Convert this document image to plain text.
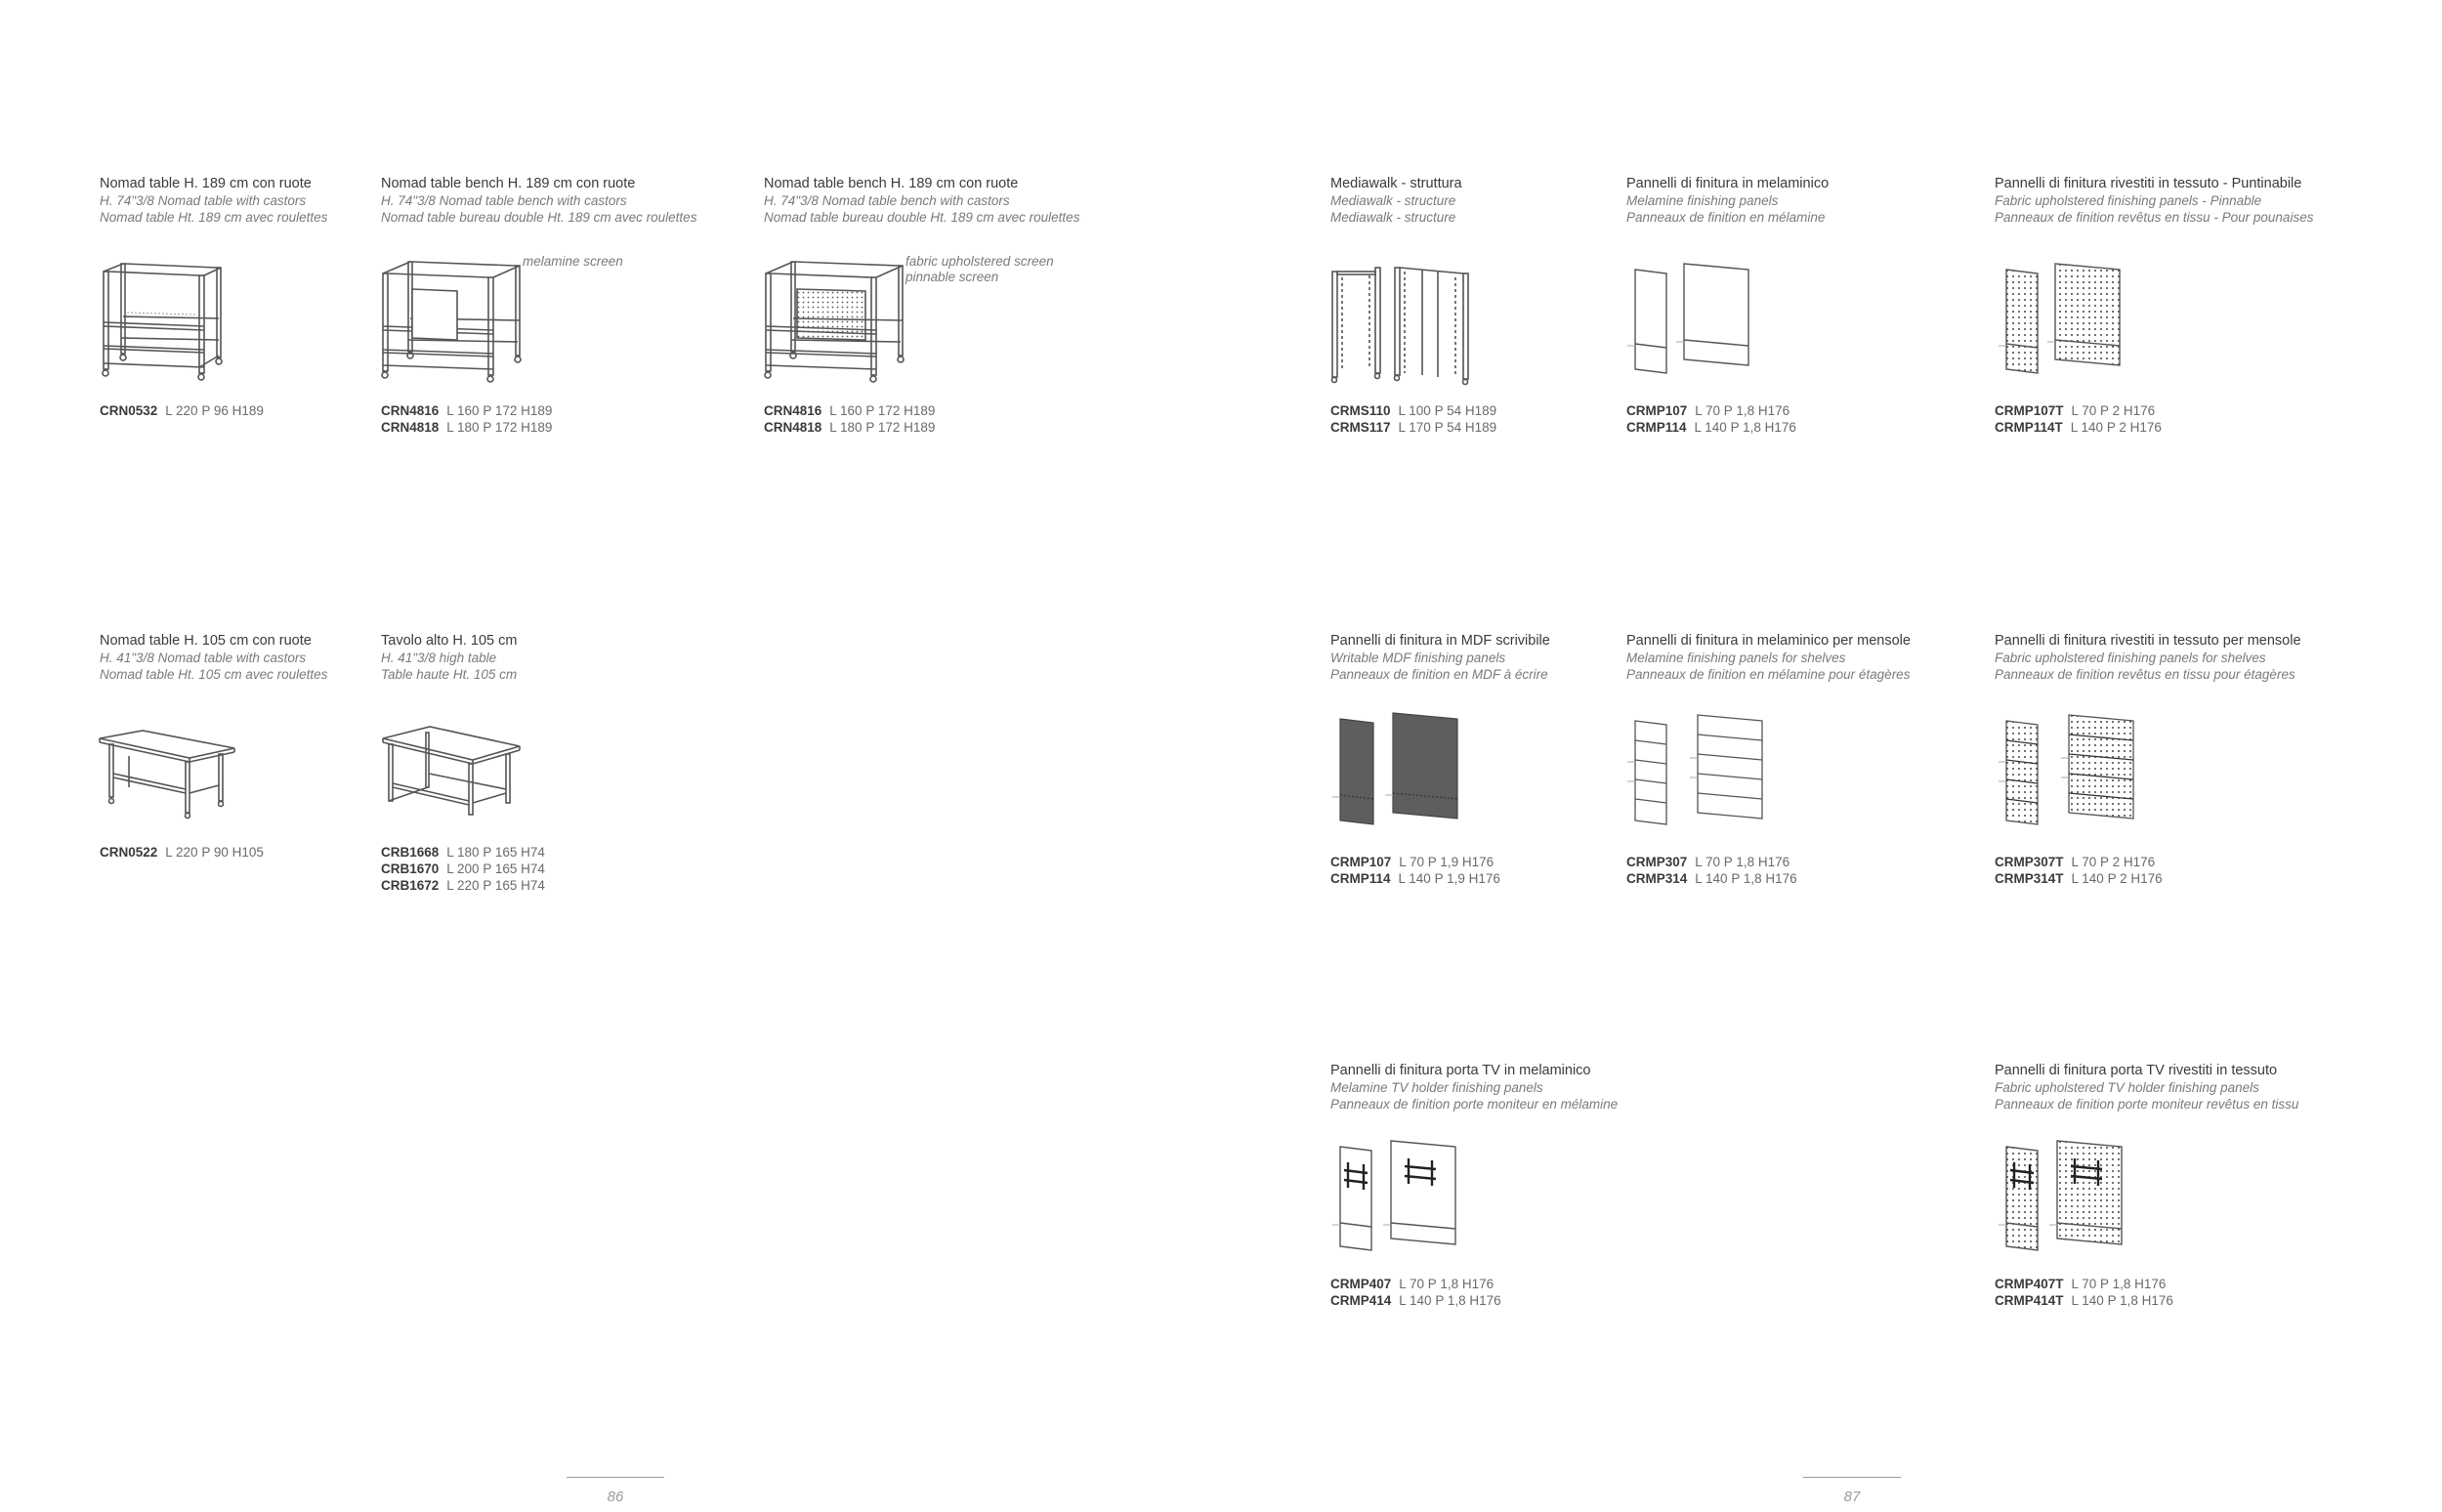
Nomad table H. 189 cm con ruote
H. 74"3/8 Nomad table with castors
Nomad table Ht. 189 cm avec roulettes
CRN0532 L 220 P 96 H189
Nomad table bench H. 189 cm con ruote
H. 74"3/8 Nomad table bench with castors
Nomad table bureau double Ht. 189 cm avec roulettes
melamine screen
CRN4816 L 160 P 172 H189
CRN4818 L 180 P 172 H189
Nomad table bench H. 189 cm con ruote
H. 74"3/8 Nomad table bench with castors
Nomad table bureau double Ht. 189 cm avec roulettes
fabric upholstered screen
pinnable screen
CRN4816 L 160 P 172 H189
CRN4818 L 180 P 172 H189
Nomad table H. 105 cm con ruote
H. 41"3/8 Nomad table with castors
Nomad table Ht. 105 cm avec roulettes
CRN0522 L 220 P 90 H105
Tavolo alto H. 105 cm
H. 41"3/8 high table
Table haute Ht. 105 cm
CRB1668 L 180 P 165 H74
CRB1670 L 200 P 165 H74
CRB1672 L 220 P 165 H74
86
Mediawalk - struttura
Mediawalk - structure
Mediawalk - structure
CRMS110 L 100 P 54 H189
CRMS117 L 170 P 54 H189
Pannelli di finitura in melaminico
Melamine finishing panels
Panneaux de finition en mélamine
CRMP107 L 70 P 1,8 H176
CRMP114 L 140 P 1,8 H176
Pannelli di finitura rivestiti in tessuto - Puntinabile
Fabric upholstered finishing panels - Pinnable
Panneaux de finition revêtus en tissu - Pour pounaises
CRMP107T L 70 P 2 H176
CRMP114T L 140 P 2 H176
Pannelli di finitura in MDF scrivibile
Writable MDF finishing panels
Panneaux de finition en MDF à écrire
CRMP107 L 70 P 1,9 H176
CRMP114 L 140 P 1,9 H176
Pannelli di finitura in melaminico per mensole
Melamine finishing panels for shelves
Panneaux de finition en mélamine pour étagères
CRMP307 L 70 P 1,8 H176
CRMP314 L 140 P 1,8 H176
Pannelli di finitura rivestiti in tessuto per mensole
Fabric upholstered finishing panels for shelves
Panneaux de finition revêtus en tissu pour étagères
CRMP307T L 70 P 2 H176
CRMP314T L 140 P 2 H176
Pannelli di finitura porta TV in melaminico
Melamine TV holder finishing panels
Panneaux de finition porte moniteur en mélamine
CRMP407 L 70 P 1,8 H176
CRMP414 L 140 P 1,8 H176
Pannelli di finitura porta TV rivestiti in tessuto
Fabric upholstered TV holder finishing panels
Panneaux de finition porte moniteur revêtus en tissu
CRMP407T L 70 P 1,8 H176
CRMP414T L 140 P 1,8 H176
87
